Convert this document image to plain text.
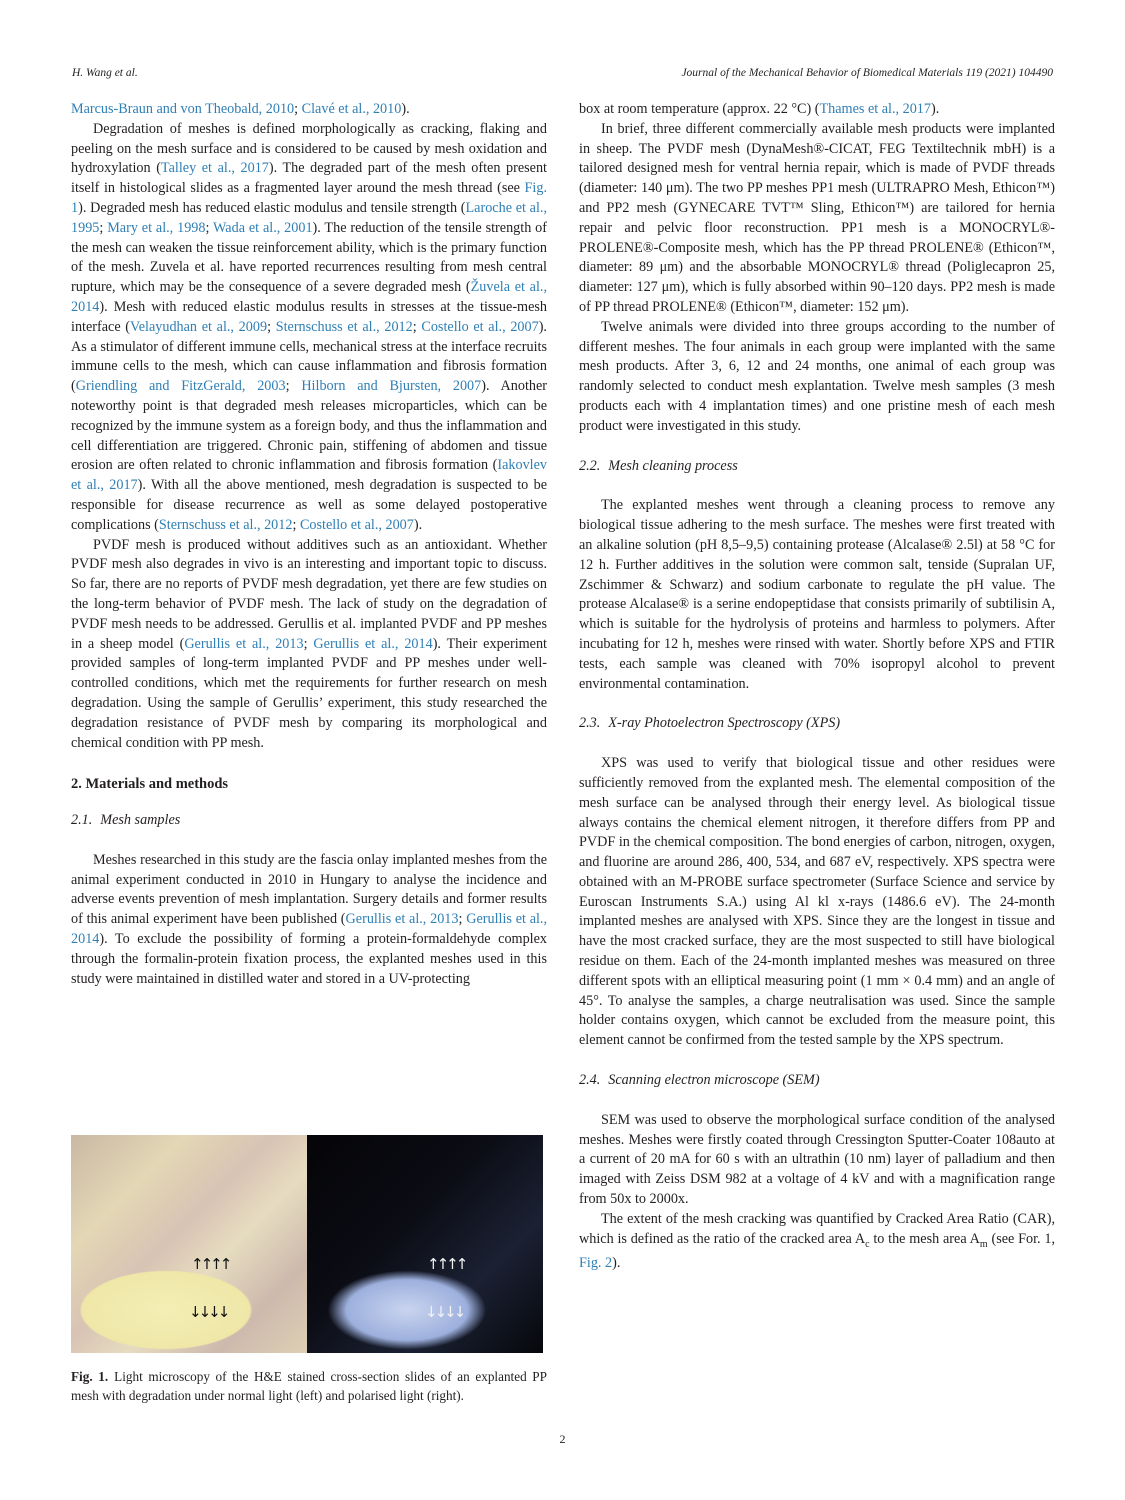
H. Wang et al.	Journal of the Mechanical Behavior of Biomedical Materials 119 (2021) 104490

Marcus-Braun and von Theobald, 2010; Clavé et al., 2010).

Degradation of meshes is defined morphologically as cracking, flaking and peeling on the mesh surface and is considered to be caused by mesh oxidation and hydroxylation (Talley et al., 2017). The degraded part of the mesh often present itself in histological slides as a fragmented layer around the mesh thread (see Fig. 1). Degraded mesh has reduced elastic modulus and tensile strength (Laroche et al., 1995; Mary et al., 1998; Wada et al., 2001). The reduction of the tensile strength of the mesh can weaken the tissue reinforcement ability, which is the primary function of the mesh. Zuvela et al. have reported recurrences resulting from mesh central rupture, which may be the consequence of a severe degraded mesh (Žuvela et al., 2014). Mesh with reduced elastic modulus results in stresses at the tissue-mesh interface (Velayudhan et al., 2009; Sternschuss et al., 2012; Costello et al., 2007). As a stimulator of different immune cells, mechanical stress at the interface recruits immune cells to the mesh, which can cause inflammation and fibrosis formation (Griendling and FitzGerald, 2003; Hilborn and Bjursten, 2007). Another noteworthy point is that degraded mesh releases microparticles, which can be recognized by the immune system as a foreign body, and thus the inflammation and cell differentiation are triggered. Chronic pain, stiffening of abdomen and tissue erosion are often related to chronic inflammation and fibrosis formation (Iakovlev et al., 2017). With all the above mentioned, mesh degradation is suspected to be responsible for disease recurrence as well as some delayed postoperative complications (Sternschuss et al., 2012; Costello et al., 2007).

PVDF mesh is produced without additives such as an antioxidant. Whether PVDF mesh also degrades in vivo is an interesting and important topic to discuss. So far, there are no reports of PVDF mesh degradation, yet there are few studies on the long-term behavior of PVDF mesh. The lack of study on the degradation of PVDF mesh needs to be addressed. Gerullis et al. implanted PVDF and PP meshes in a sheep model (Gerullis et al., 2013; Gerullis et al., 2014). Their experiment provided samples of long-term implanted PVDF and PP meshes under well-controlled conditions, which met the requirements for further research on mesh degradation. Using the sample of Gerullis’ experiment, this study researched the degradation resistance of PVDF mesh by comparing its morphological and chemical condition with PP mesh.

2. Materials and methods
2.1. Mesh samples

Meshes researched in this study are the fascia onlay implanted meshes from the animal experiment conducted in 2010 in Hungary to analyse the incidence and adverse events prevention of mesh implantation. Surgery details and former results of this animal experiment have been published (Gerullis et al., 2013; Gerullis et al., 2014). To exclude the possibility of forming a protein-formaldehyde complex through the formalin-protein fixation process, the explanted meshes used in this study were maintained in distilled water and stored in a UV-protecting

↑↑↑↑
↓↓↓↓
↑↑↑↑
↓↓↓↓
Fig. 1. Light microscopy of the H&E stained cross-section slides of an explanted PP mesh with degradation under normal light (left) and polarised light (right).

box at room temperature (approx. 22 °C) (Thames et al., 2017).

In brief, three different commercially available mesh products were implanted in sheep. The PVDF mesh (DynaMesh®-CICAT, FEG Textiltechnik mbH) is a tailored designed mesh for ventral hernia repair, which is made of PVDF threads (diameter: 140 μm). The two PP meshes PP1 mesh (ULTRAPRO Mesh, Ethicon™) and PP2 mesh (GYNECARE TVT™ Sling, Ethicon™) are tailored for hernia repair and pelvic floor reconstruction. PP1 mesh is a MONOCRYL®-PROLENE®-Composite mesh, which has the PP thread PROLENE® (Ethicon™, diameter: 89 μm) and the absorbable MONOCRYL® thread (Poliglecapron 25, diameter: 127 μm), which is fully absorbed within 90–120 days. PP2 mesh is made of PP thread PROLENE® (Ethicon™, diameter: 152 μm).

Twelve animals were divided into three groups according to the number of different meshes. The four animals in each group were implanted with the same mesh products. After 3, 6, 12 and 24 months, one animal of each group was randomly selected to conduct mesh explantation. Twelve mesh samples (3 mesh products each with 4 implantation times) and one pristine mesh of each mesh product were investigated in this study.

2.2. Mesh cleaning process

The explanted meshes went through a cleaning process to remove any biological tissue adhering to the mesh surface. The meshes were first treated with an alkaline solution (pH 8,5–9,5) containing protease (Alcalase® 2.5l) at 58 °C for 12 h. Further additives in the solution were common salt, tenside (Supralan UF, Zschimmer & Schwarz) and sodium carbonate to regulate the pH value. The protease Alcalase® is a serine endopeptidase that consists primarily of subtilisin A, which is suitable for the hydrolysis of proteins and harmless to polymers. After incubating for 12 h, meshes were rinsed with water. Shortly before XPS and FTIR tests, each sample was cleaned with 70% isopropyl alcohol to prevent environmental contamination.

2.3. X-ray Photoelectron Spectroscopy (XPS)

XPS was used to verify that biological tissue and other residues were sufficiently removed from the explanted mesh. The elemental composition of the mesh surface can be analysed through their energy level. As biological tissue always contains the chemical element nitrogen, it therefore differs from PP and PVDF in the chemical composition. The bond energies of carbon, nitrogen, oxygen, and fluorine are around 286, 400, 534, and 687 eV, respectively. XPS spectra were obtained with an M-PROBE surface spectrometer (Surface Science and service by Euroscan Instruments S.A.) using Al kl x-rays (1486.6 eV). The 24-month implanted meshes are analysed with XPS. Since they are the longest in tissue and have the most cracked surface, they are the most suspected to still have biological residue on them. Each of the 24-month implanted meshes was measured on three different spots with an elliptical measuring point (1 mm × 0.4 mm) and an angle of 45°. To analyse the samples, a charge neutralisation was used. Since the sample holder contains oxygen, which cannot be excluded from the measure point, this element cannot be confirmed from the tested sample by the XPS spectrum.

2.4. Scanning electron microscope (SEM)

SEM was used to observe the morphological surface condition of the analysed meshes. Meshes were firstly coated through Cressington Sputter-Coater 108auto at a current of 20 mA for 60 s with an ultrathin (10 nm) layer of palladium and then imaged with Zeiss DSM 982 at a voltage of 4 kV and with a magnification range from 50x to 2000x.

The extent of the mesh cracking was quantified by Cracked Area Ratio (CAR), which is defined as the ratio of the cracked area $A_c$ to the mesh area $A_m$ (see For. 1, Fig. 2).

2
